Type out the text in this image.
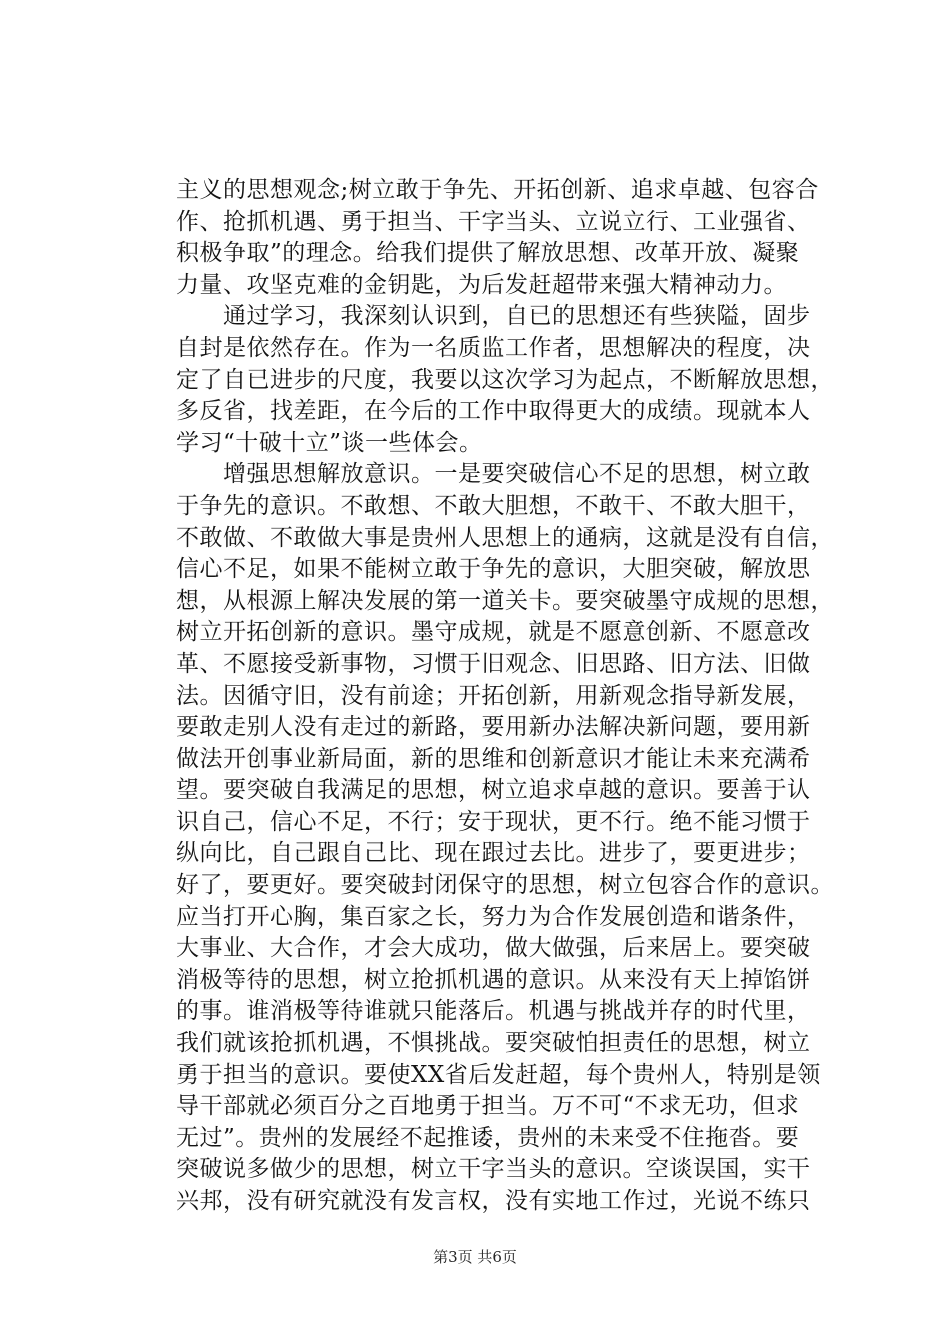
主义的思想观念;树立敢于争先、开拓创新、追求卓越、包容合
作、抢抓机遇、勇于担当、干字当头、立说立行、工业强省、
积极争取”的理念。给我们提供了解放思想、改革开放、凝聚
力量、攻坚克难的金钥匙，为后发赶超带来强大精神动力。
　　通过学习，我深刻认识到，自已的思想还有些狭隘，固步
自封是依然存在。作为一名质监工作者，思想解决的程度，决
定了自已进步的尺度，我要以这次学习为起点，不断解放思想，
多反省，找差距，在今后的工作中取得更大的成绩。现就本人
学习“十破十立”谈一些体会。
　　增强思想解放意识。一是要突破信心不足的思想，树立敢
于争先的意识。不敢想、不敢大胆想，不敢干、不敢大胆干，
不敢做、不敢做大事是贵州人思想上的通病，这就是没有自信，
信心不足，如果不能树立敢于争先的意识，大胆突破，解放思
想，从根源上解决发展的第一道关卡。要突破墨守成规的思想，
树立开拓创新的意识。墨守成规，就是不愿意创新、不愿意改
革、不愿接受新事物，习惯于旧观念、旧思路、旧方法、旧做
法。因循守旧，没有前途；开拓创新，用新观念指导新发展，
要敢走别人没有走过的新路，要用新办法解决新问题，要用新
做法开创事业新局面，新的思维和创新意识才能让未来充满希
望。要突破自我满足的思想，树立追求卓越的意识。要善于认
识自己，信心不足，不行；安于现状，更不行。绝不能习惯于
纵向比，自己跟自己比、现在跟过去比。进步了，要更进步；
好了，要更好。要突破封闭保守的思想，树立包容合作的意识。
应当打开心胸，集百家之长，努力为合作发展创造和谐条件，
大事业、大合作，才会大成功，做大做强，后来居上。要突破
消极等待的思想，树立抢抓机遇的意识。从来没有天上掉馅饼
的事。谁消极等待谁就只能落后。机遇与挑战并存的时代里，
我们就该抢抓机遇，不惧挑战。要突破怕担责任的思想，树立
勇于担当的意识。要使XX省后发赶超，每个贵州人，特别是领
导干部就必须百分之百地勇于担当。万不可“不求无功，但求
无过”。贵州的发展经不起推诿，贵州的未来受不住拖沓。要
突破说多做少的思想，树立干字当头的意识。空谈误国，实干
兴邦，没有研究就没有发言权，没有实地工作过，光说不练只
第3页 共6页
